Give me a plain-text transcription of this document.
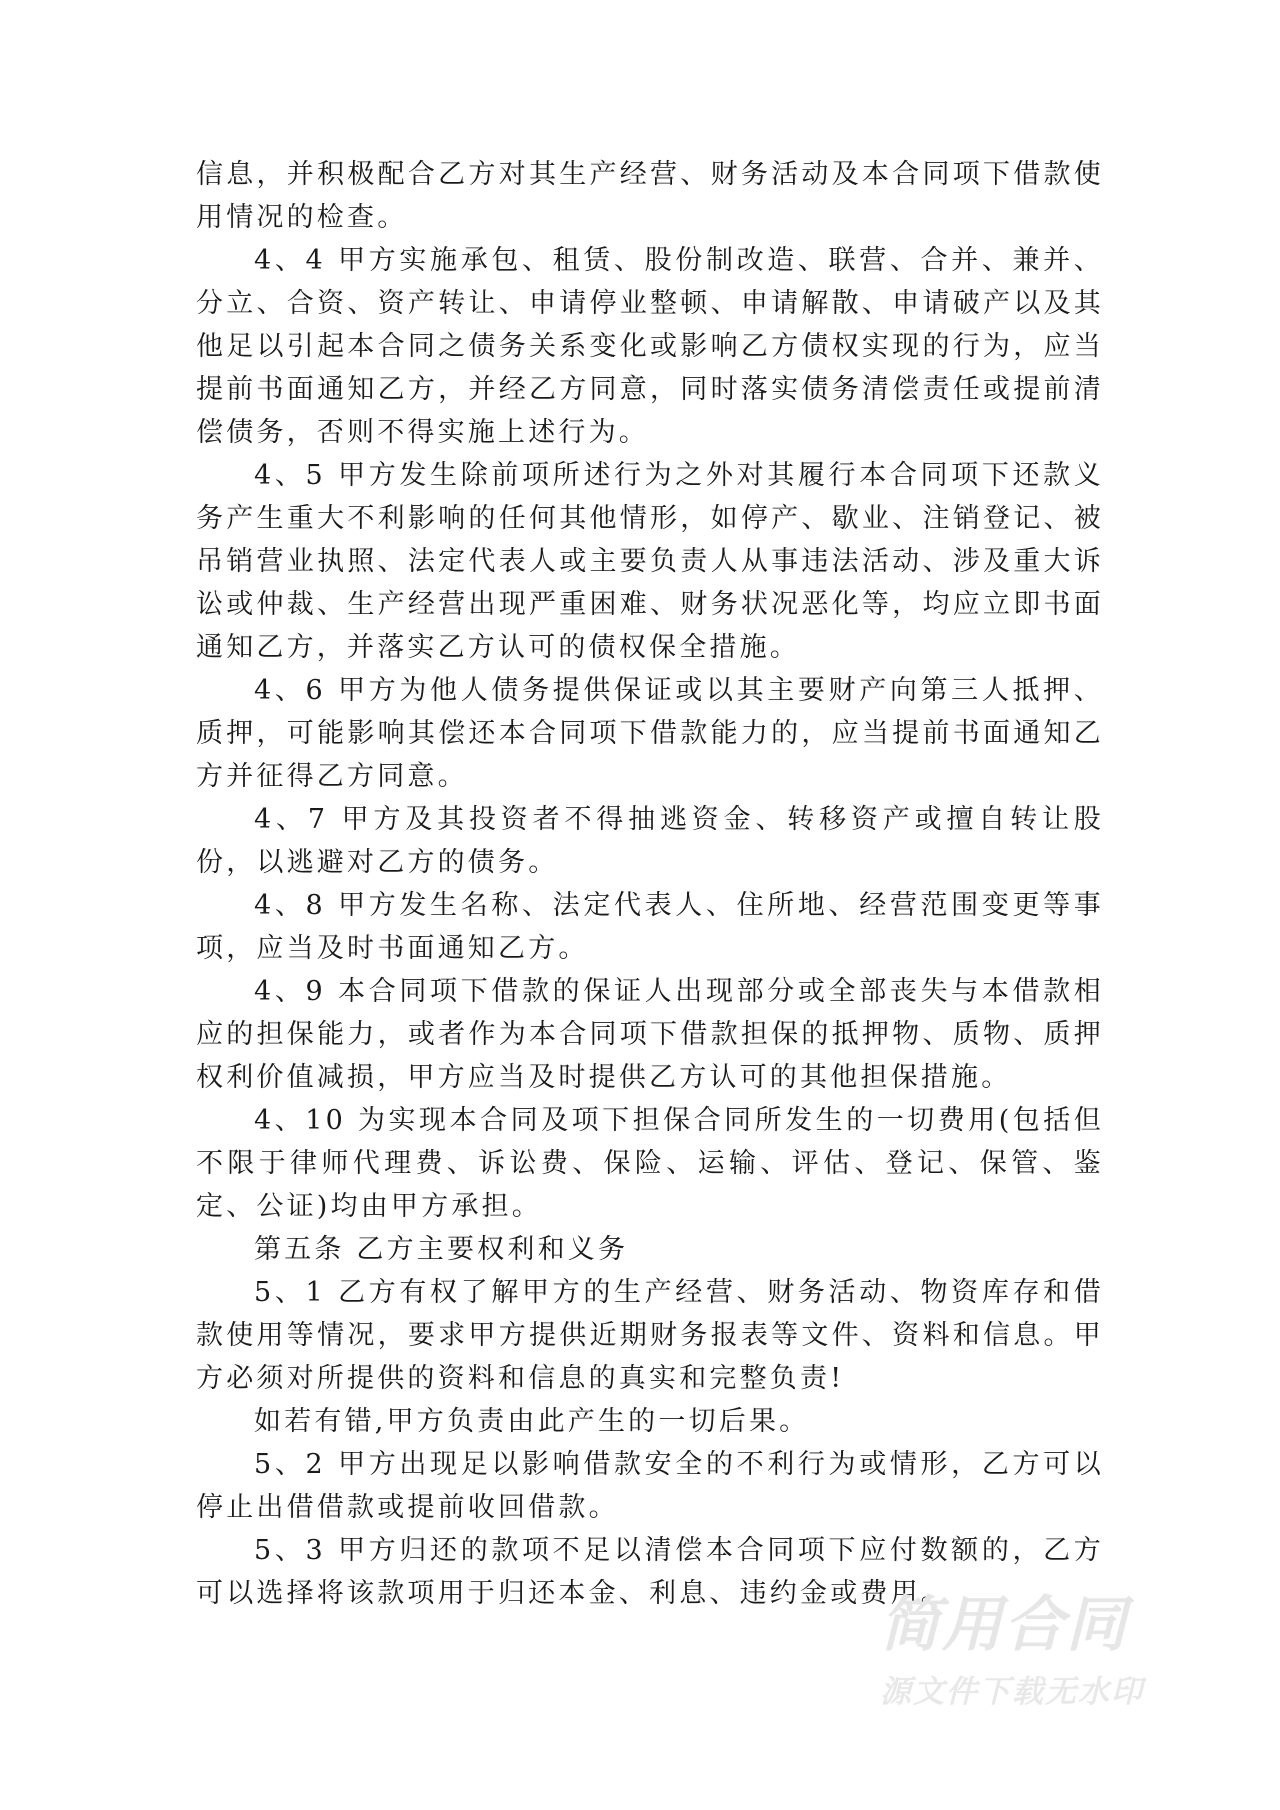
信息，并积极配合乙方对其生产经营、财务活动及本合同项下借款使用情况的检查。

4、4 甲方实施承包、租赁、股份制改造、联营、合并、兼并、分立、合资、资产转让、申请停业整顿、申请解散、申请破产以及其他足以引起本合同之债务关系变化或影响乙方债权实现的行为，应当提前书面通知乙方，并经乙方同意，同时落实债务清偿责任或提前清偿债务，否则不得实施上述行为。

4、5 甲方发生除前项所述行为之外对其履行本合同项下还款义务产生重大不利影响的任何其他情形，如停产、歇业、注销登记、被吊销营业执照、法定代表人或主要负责人从事违法活动、涉及重大诉讼或仲裁、生产经营出现严重困难、财务状况恶化等，均应立即书面通知乙方，并落实乙方认可的债权保全措施。

4、6 甲方为他人债务提供保证或以其主要财产向第三人抵押、质押，可能影响其偿还本合同项下借款能力的，应当提前书面通知乙方并征得乙方同意。

4、7 甲方及其投资者不得抽逃资金、转移资产或擅自转让股份，以逃避对乙方的债务。

4、8 甲方发生名称、法定代表人、住所地、经营范围变更等事项，应当及时书面通知乙方。

4、9 本合同项下借款的保证人出现部分或全部丧失与本借款相应的担保能力，或者作为本合同项下借款担保的抵押物、质物、质押权利价值减损，甲方应当及时提供乙方认可的其他担保措施。

4、10 为实现本合同及项下担保合同所发生的一切费用(包括但不限于律师代理费、诉讼费、保险、运输、评估、登记、保管、鉴定、公证)均由甲方承担。

第五条 乙方主要权利和义务

5、1 乙方有权了解甲方的生产经营、财务活动、物资库存和借款使用等情况，要求甲方提供近期财务报表等文件、资料和信息。甲方必须对所提供的资料和信息的真实和完整负责!

如若有错,甲方负责由此产生的一切后果。

5、2 甲方出现足以影响借款安全的不利行为或情形，乙方可以停止出借借款或提前收回借款。

5、3 甲方归还的款项不足以清偿本合同项下应付数额的，乙方可以选择将该款项用于归还本金、利息、违约金或费用。

简用合同
源文件下载无水印
